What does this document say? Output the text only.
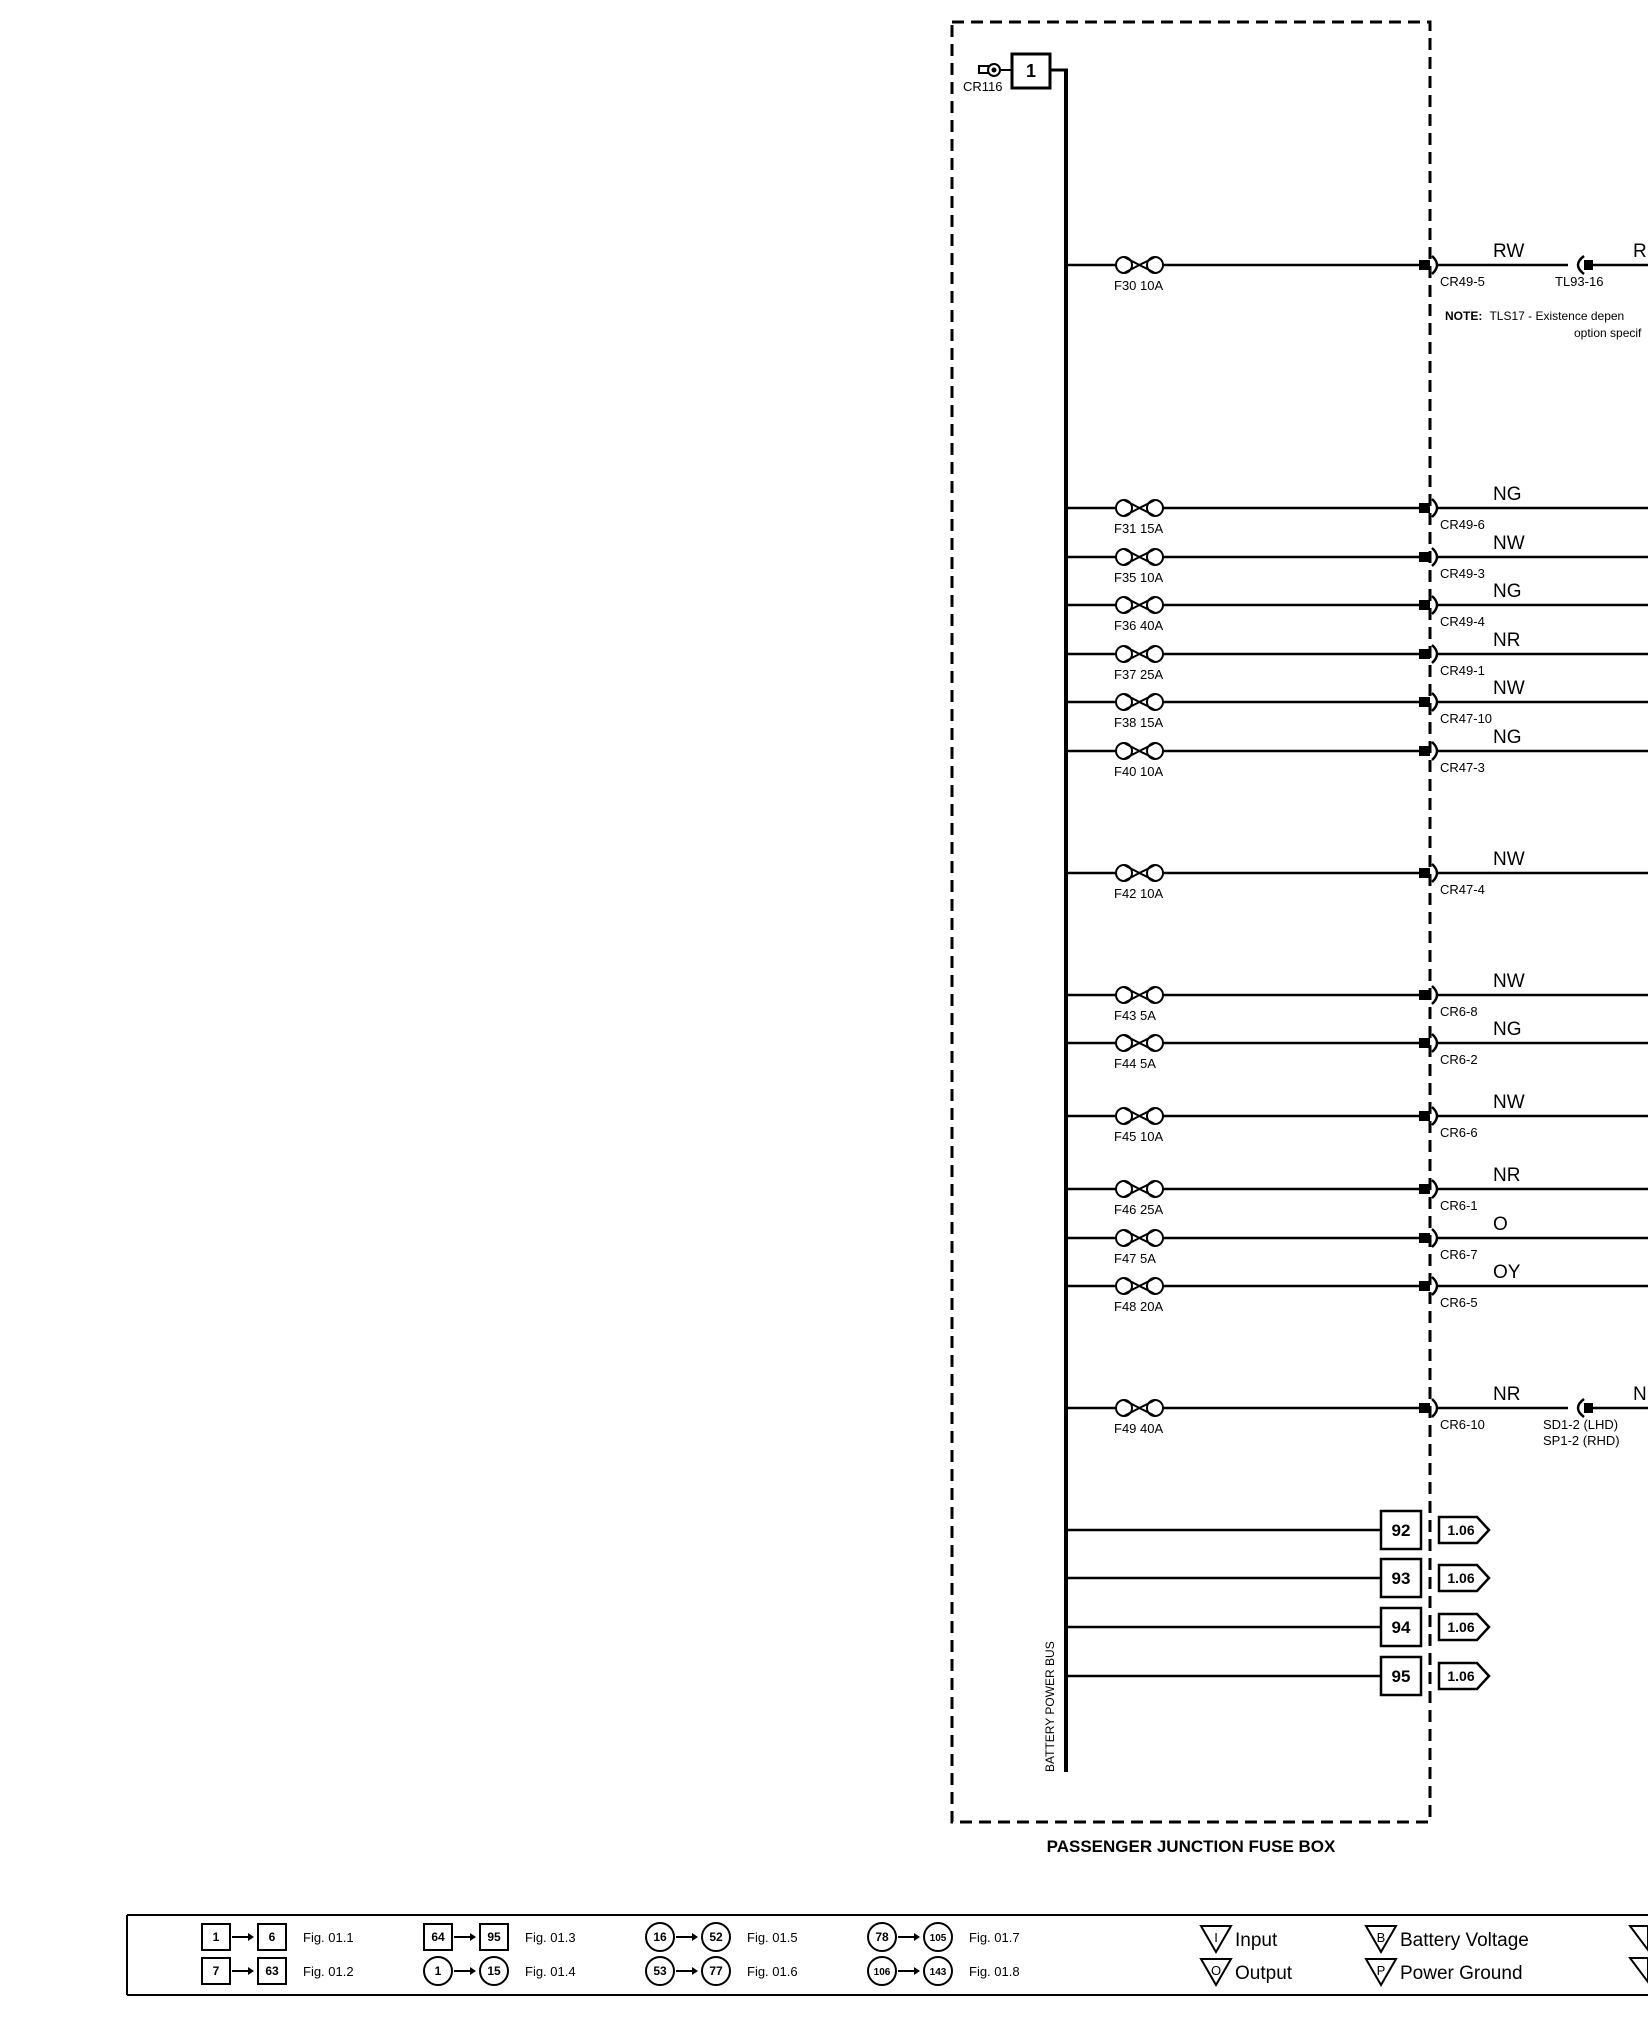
BATTERY POWER BUS
CR116
1
F30 10A	CR49-5
RW
TL93-16
R
F31 15A	CR49-6
NG
F35 10A	CR49-3
NW
F36 40A	CR49-4
NG
F37 25A	CR49-1
NR
F38 15A	CR47-10
NW
F40 10A	CR47-3
NG
F42 10A	CR47-4
NW
F43 5A	CR6-8
NW
F44 5A	CR6-2
NG
F45 10A	CR6-6
NW
F46 25A	CR6-1
NR
F47 5A	CR6-7
O
F48 20A	CR6-5
OY
F49 40A	CR6-10
NR
SD1-2 (LHD)
SP1-2 (RHD)
N
NOTE: TLS17 - Existence depen
option specif
92	1.06
93	1.06
94	1.06
95	1.06
PASSENGER JUNCTION FUSE BOX
1	6 Fig. 01.1
7	63 Fig. 01.2
64	95 Fig. 01.3
1	15 Fig. 01.4
16	52 Fig. 01.5
53	77 Fig. 01.6
78	105 Fig. 01.7
106	143 Fig. 01.8
I Input
O Output
B Battery Voltage
P Power Ground
